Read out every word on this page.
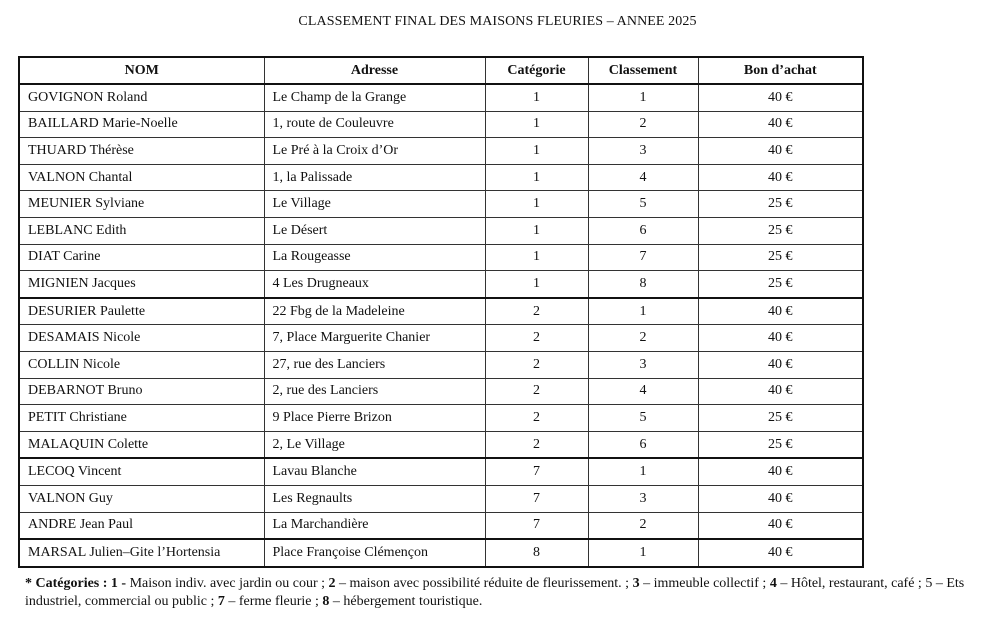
CLASSEMENT FINAL DES MAISONS FLEURIES – ANNEE 2025
NOM	Adresse	Catégorie	Classement	Bon d’achat
GOVIGNON Roland	Le Champ de la Grange	1	1	40 €
BAILLARD Marie-Noelle	1, route de Couleuvre	1	2	40 €
THUARD Thérèse	Le Pré à la Croix d’Or	1	3	40 €
VALNON Chantal	1, la Palissade	1	4	40 €
MEUNIER Sylviane	Le Village	1	5	25 €
LEBLANC Edith	Le Désert	1	6	25 €
DIAT Carine	La Rougeasse	1	7	25 €
MIGNIEN Jacques	4 Les Drugneaux	1	8	25 €
DESURIER Paulette	22 Fbg de la Madeleine	2	1	40 €
DESAMAIS Nicole	7, Place Marguerite Chanier	2	2	40 €
COLLIN Nicole	27, rue des Lanciers	2	3	40 €
DEBARNOT Bruno	2, rue des Lanciers	2	4	40 €
PETIT Christiane	9 Place Pierre Brizon	2	5	25 €
MALAQUIN Colette	2, Le Village	2	6	25 €
LECOQ Vincent	Lavau Blanche	7	1	40 €
VALNON Guy	Les Regnaults	7	3	40 €
ANDRE Jean Paul	La Marchandière	7	2	40 €
MARSAL Julien–Gite l’Hortensia	Place Françoise Clémençon	8	1	40 €
* Catégories : 1 - Maison indiv. avec jardin ou cour ; 2 – maison avec possibilité réduite de fleurissement. ; 3 – immeuble collectif ; 4 – Hôtel, restaurant, café ; 5 – Ets industriel, commercial ou public ; 7 – ferme fleurie ; 8 – hébergement touristique.
